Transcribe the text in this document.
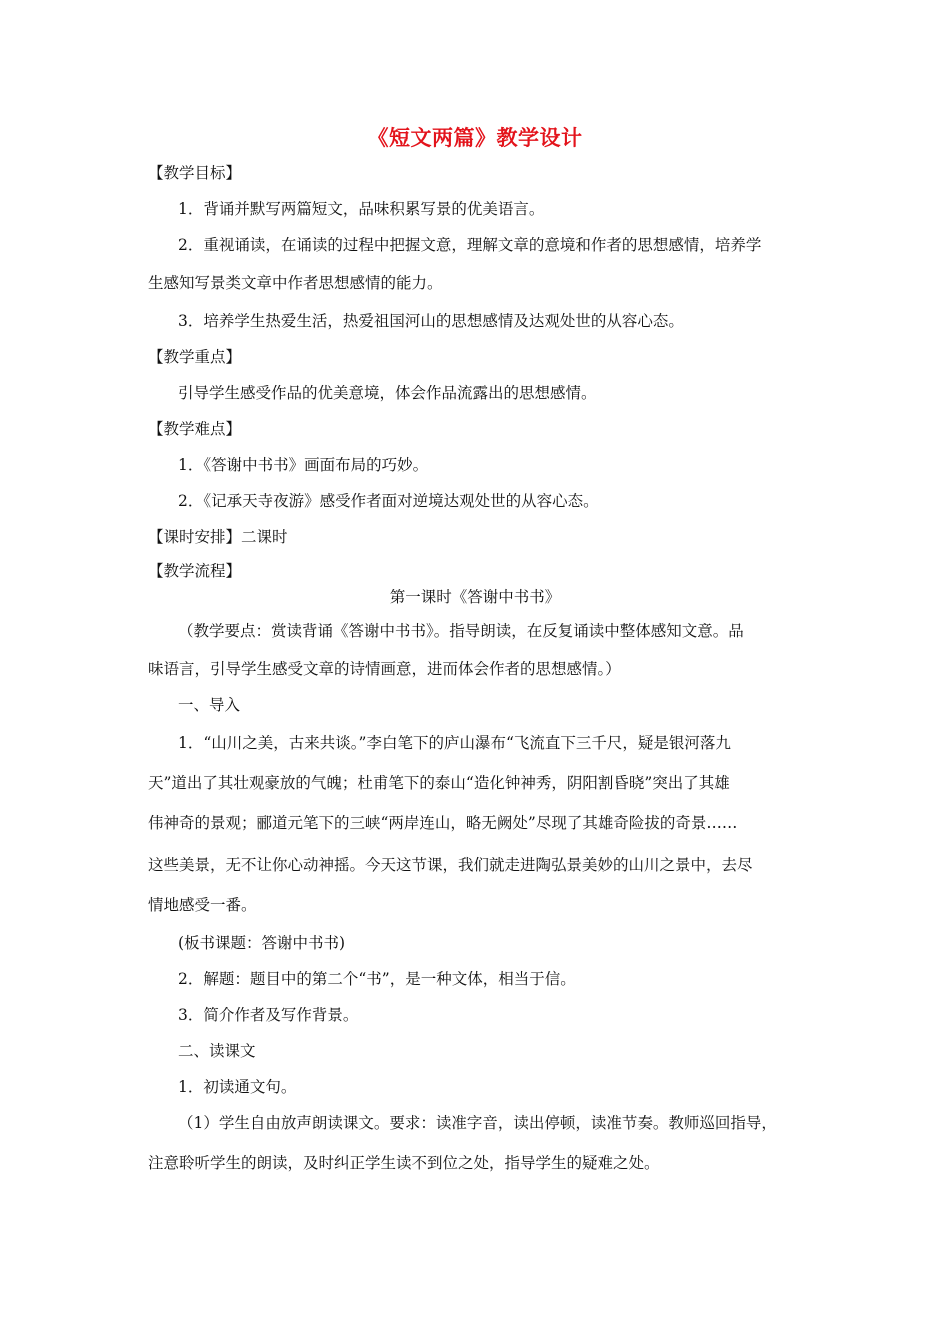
《短文两篇》教学设计
【教学目标】
1．背诵并默写两篇短文，品味积累写景的优美语言。
2．重视诵读，在诵读的过程中把握文意，理解文章的意境和作者的思想感情，培养学
生感知写景类文章中作者思想感情的能力。
3．培养学生热爱生活，热爱祖国河山的思想感情及达观处世的从容心态。
【教学重点】
引导学生感受作品的优美意境，体会作品流露出的思想感情。
【教学难点】
1．《答谢中书书》画面布局的巧妙。
2．《记承天寺夜游》感受作者面对逆境达观处世的从容心态。
【课时安排】二课时
【教学流程】
第一课时《答谢中书书》
（教学要点：赏读背诵《答谢中书书》。指导朗读，在反复诵读中整体感知文意。品
味语言，引导学生感受文章的诗情画意，进而体会作者的思想感情。）
一、导入
1．“山川之美，古来共谈。”李白笔下的庐山瀑布“飞流直下三千尺，疑是银河落九
天”道出了其壮观豪放的气魄；杜甫笔下的泰山“造化钟神秀，阴阳割昏晓”突出了其雄
伟神奇的景观；郦道元笔下的三峡“两岸连山，略无阙处”尽现了其雄奇险拔的奇景……
这些美景，无不让你心动神摇。今天这节课，我们就走进陶弘景美妙的山川之景中，去尽
情地感受一番。
(板书课题：答谢中书书)
2．解题：题目中的第二个“书”，是一种文体，相当于信。
3．简介作者及写作背景。
二、读课文
1．初读通文句。
（1）学生自由放声朗读课文。要求：读准字音，读出停顿，读准节奏。教师巡回指导，
注意聆听学生的朗读，及时纠正学生读不到位之处，指导学生的疑难之处。
